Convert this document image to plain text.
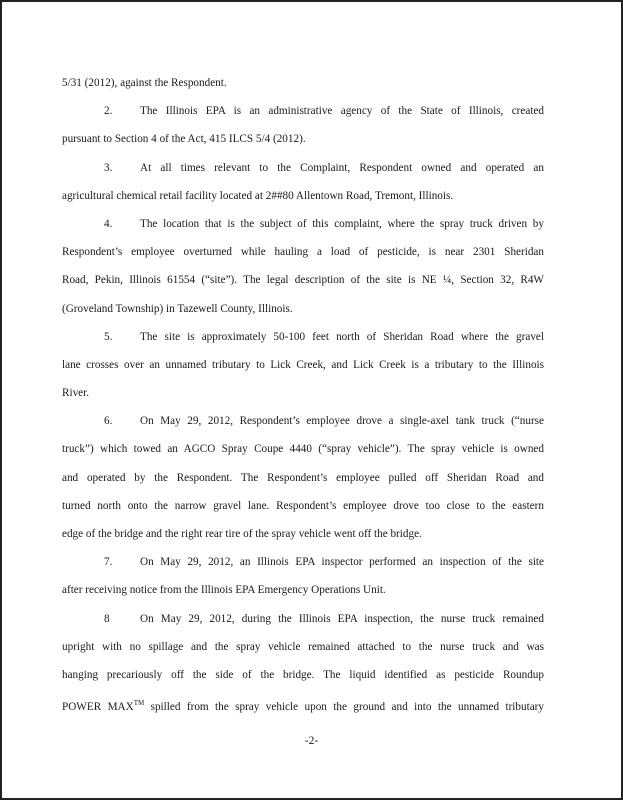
5/31 (2012), against the Respondent.
2. The Illinois EPA is an administrative agency of the State of Illinois, created
pursuant to Section 4 of the Act, 415 ILCS 5/4 (2012).
3. At all times relevant to the Complaint, Respondent owned and operated an
agricultural chemical retail facility located at 2##80 Allentown Road, Tremont, Illinois.
4. The location that is the subject of this complaint, where the spray truck driven by
Respondent’s employee overturned while hauling a load of pesticide, is near 2301 Sheridan
Road, Pekin, Illinois 61554 (“site”). The legal description of the site is NE ¼, Section 32, R4W
(Groveland Township) in Tazewell County, Illinois.
5. The site is approximately 50-100 feet north of Sheridan Road where the gravel
lane crosses over an unnamed tributary to Lick Creek, and Lick Creek is a tributary to the Illinois
River.
6. On May 29, 2012, Respondent’s employee drove a single-axel tank truck (“nurse
truck”) which towed an AGCO Spray Coupe 4440 (“spray vehicle”). The spray vehicle is owned
and operated by the Respondent. The Respondent’s employee pulled off Sheridan Road and
turned north onto the narrow gravel lane. Respondent’s employee drove too close to the eastern
edge of the bridge and the right rear tire of the spray vehicle went off the bridge.
7. On May 29, 2012, an Illinois EPA inspector performed an inspection of the site
after receiving notice from the Illinois EPA Emergency Operations Unit.
8	On May 29, 2012, during the Illinois EPA inspection, the nurse truck remained
upright with no spillage and the spray vehicle remained attached to the nurse truck and was
hanging precariously off the side of the bridge. The liquid identified as pesticide Roundup
POWER MAX™ spilled from the spray vehicle upon the ground and into the unnamed tributary
-2-
